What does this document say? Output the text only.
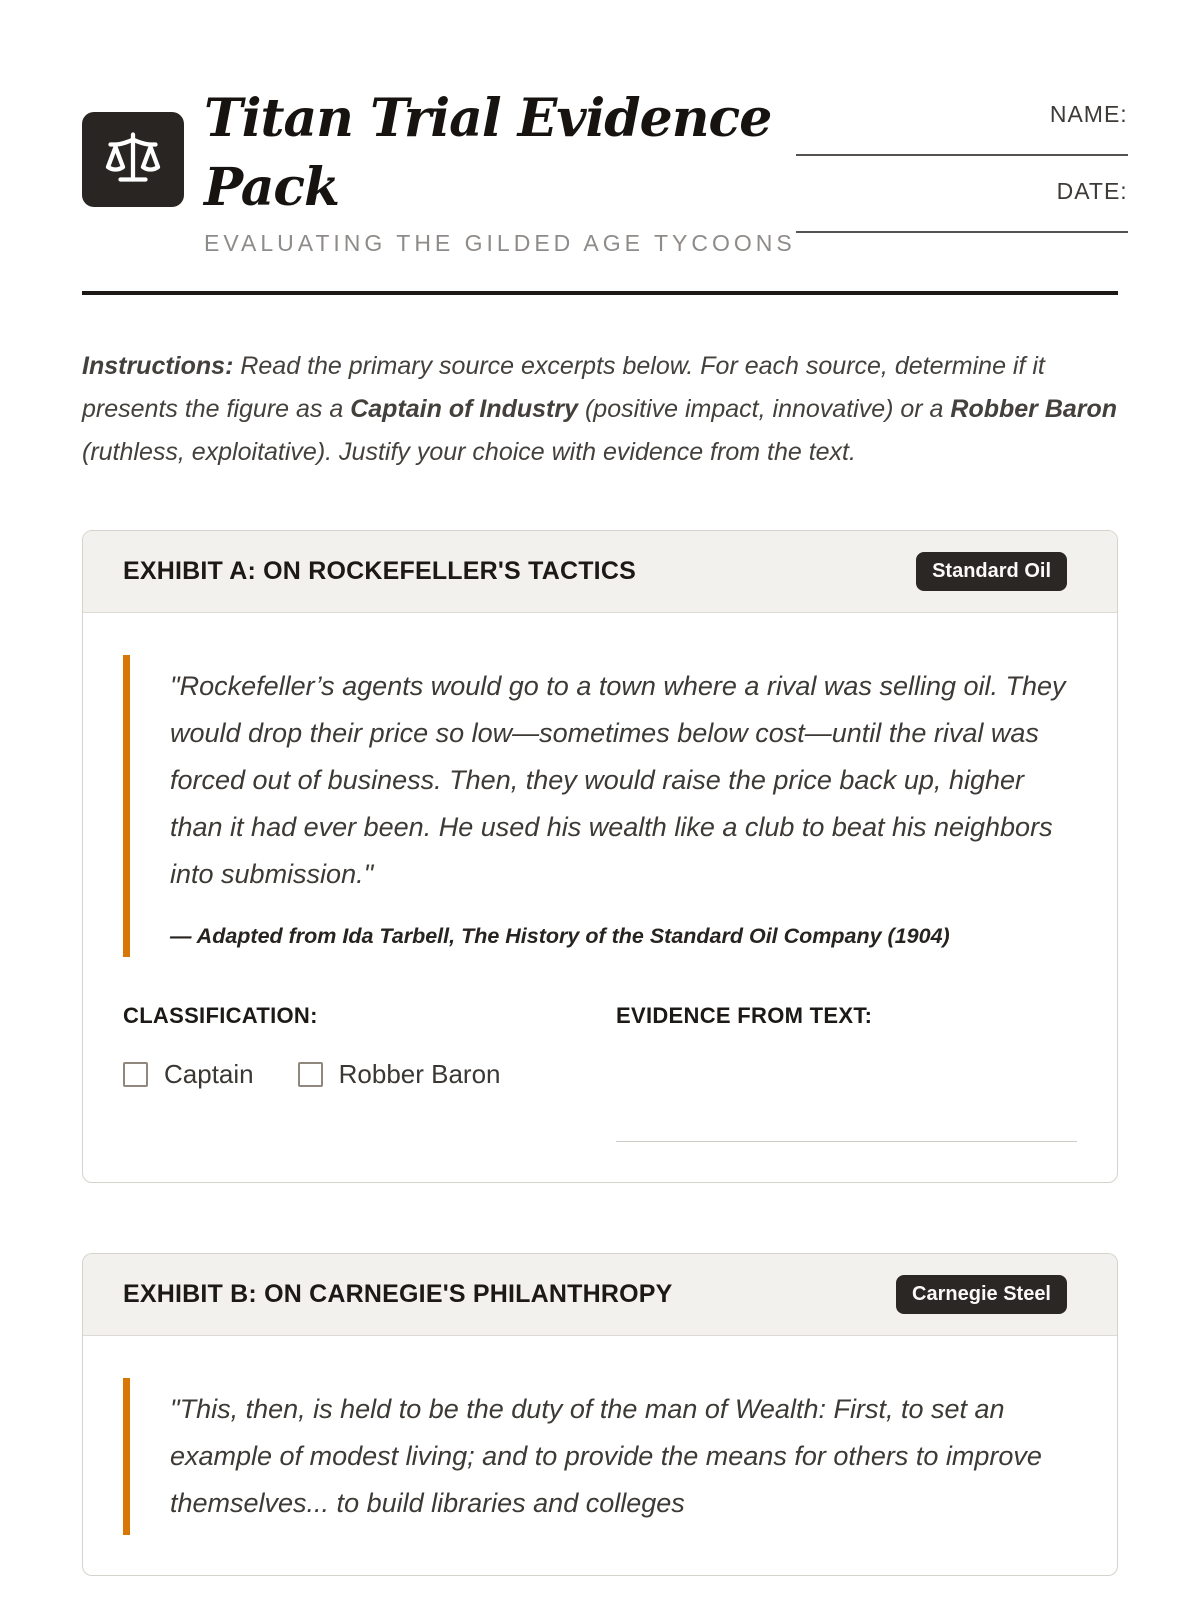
Titan Trial Evidence Pack
EVALUATING THE GILDED AGE TYCOONS
NAME:
DATE:

Instructions: Read the primary source excerpts below. For each source, determine if it presents the figure as a Captain of Industry (positive impact, innovative) or a Robber Baron (ruthless, exploitative). Justify your choice with evidence from the text.

EXHIBIT A: ON ROCKEFELLER'S TACTICS	Standard Oil

"Rockefeller’s agents would go to a town where a rival was selling oil. They would drop their price so low—sometimes below cost—until the rival was forced out of business. Then, they would raise the price back up, higher than it had ever been. He used his wealth like a club to beat his neighbors into submission."

— Adapted from Ida Tarbell, The History of the Standard Oil Company (1904)

CLASSIFICATION:
Captain	Robber Baron
EVIDENCE FROM TEXT:
EXHIBIT B: ON CARNEGIE'S PHILANTHROPY	Carnegie Steel

"This, then, is held to be the duty of the man of Wealth: First, to set an example of modest living; and to provide the means for others to improve themselves... to build libraries and colleges
